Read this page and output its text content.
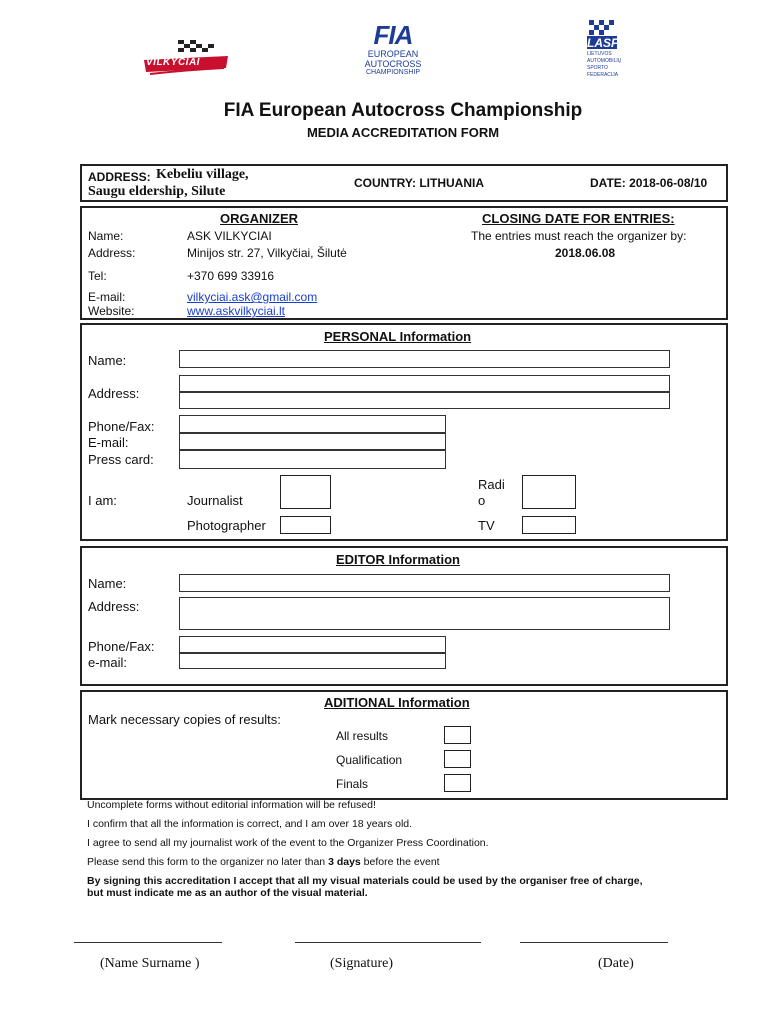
VILKYČIAI
FIA
EUROPEAN
AUTOCROSS
CHAMPIONSHIP
LASF
LIETUVOS
AUTOMOBILIŲ
SPORTO
FEDERACIJA
FIA European Autocross Championship
MEDIA ACCREDITATION FORM
ADDRESS: Kebeliu village,
Saugu eldership, Silute
COUNTRY: LITHUANIA	DATE: 2018-06-08/10
ORGANIZER
Name:	ASK VILKYCIAI
Address:	Minijos str. 27, Vilkyčiai, Šilutė
Tel:	+370 699 33916
E-mail:	vilkyciai.ask@gmail.com
Website:	www.askvilkyciai.lt
CLOSING DATE FOR ENTRIES:
The entries must reach the organizer by:
2018.06.08
PERSONAL Information
Name:
Address:
Phone/Fax:
E-mail:
Press card:
I am:	Journalist
Photographer
Radi
o
TV
EDITOR Information
Name:
Address:
Phone/Fax:
e-mail:
ADITIONAL Information
Mark necessary copies of results:
All results
Qualification
Finals
Uncomplete forms without editorial information will be refused!
I confirm that all the information is correct, and I am over 18 years old.
I agree to send all my journalist work of the event to the Organizer Press Coordination.
Please send this form to the organizer no later than 3 days before the event
By signing this accreditation I accept that all my visual materials could be used by the organiser free of charge,
but must indicate me as an author of the visual material.
(Name Surname )	(Signature)	(Date)
